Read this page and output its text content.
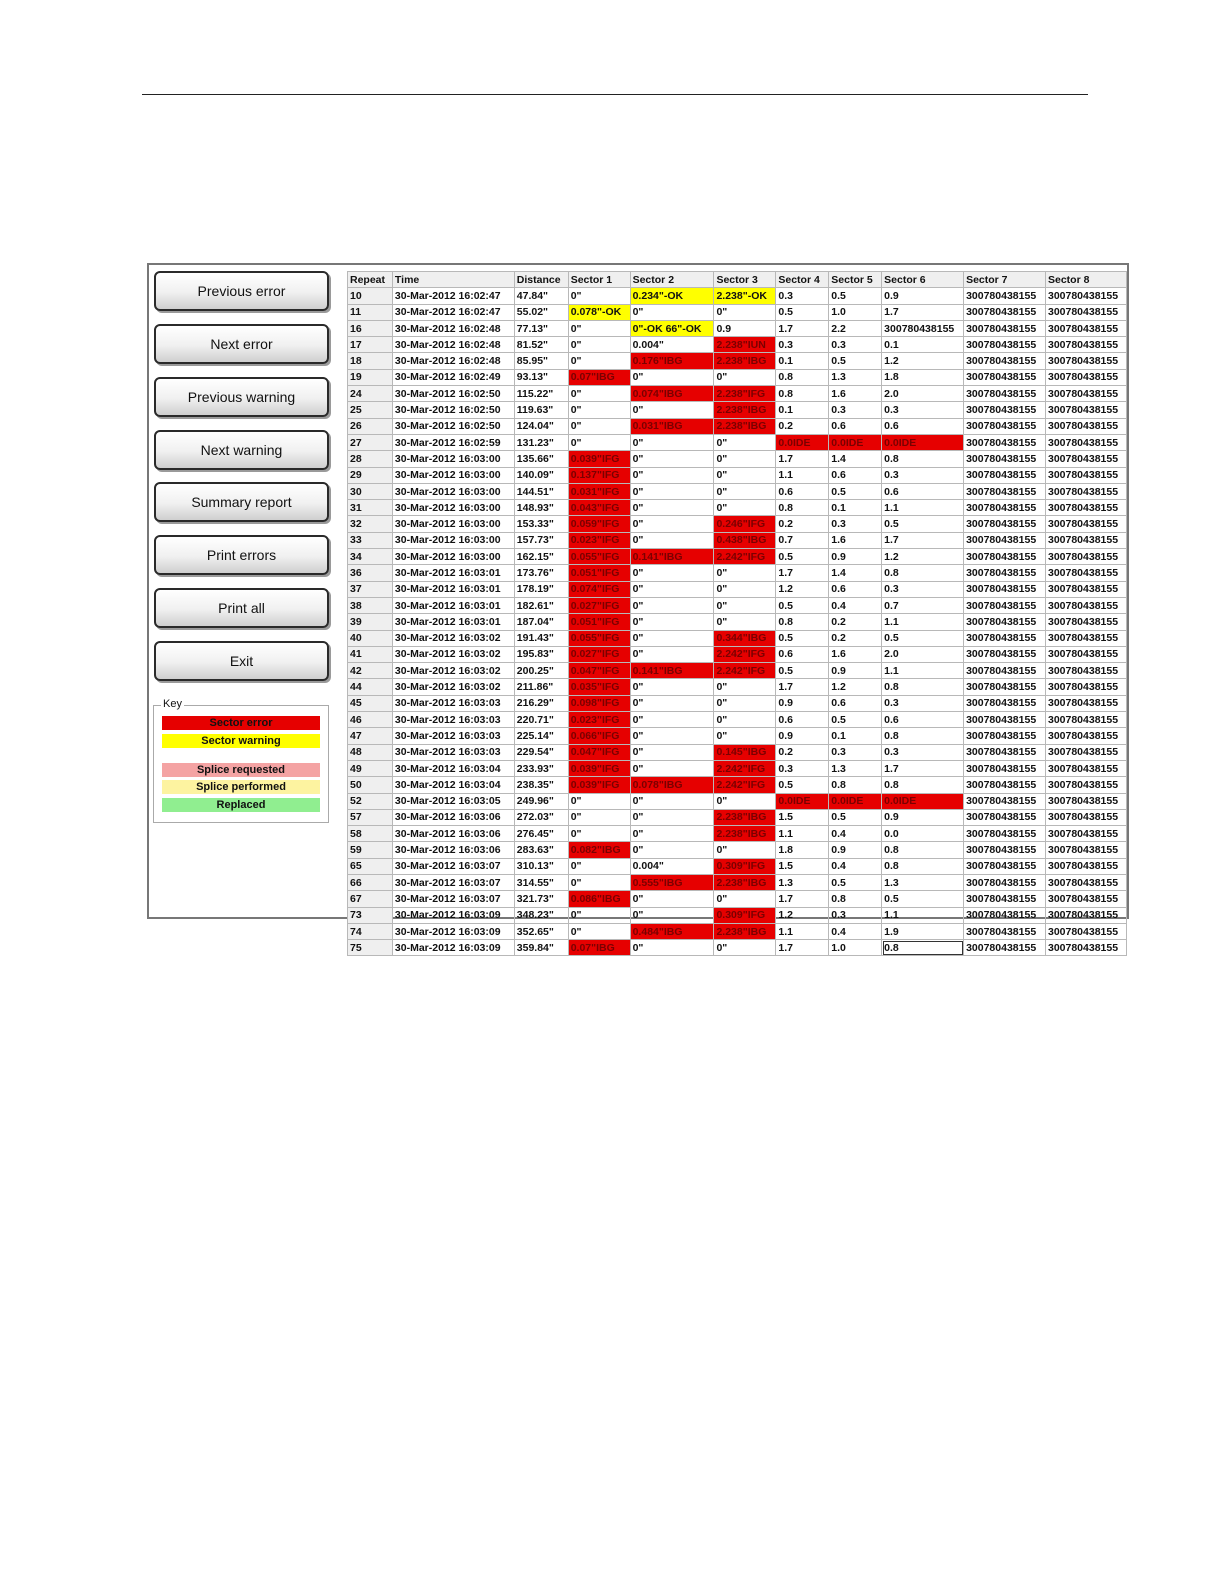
Previous error
Next error
Previous warning
Next warning
Summary report
Print errors
Print all
Exit
Key
Sector error
Sector warning
Splice requested
Splice performed
Replaced
Repeat	Time	Distance	Sector 1	Sector 2	Sector 3	Sector 4	Sector 5	Sector 6	Sector 7	Sector 8
10	30-Mar-2012 16:02:47	47.84"	0"	0.234"-OK	2.238"-OK	0.3	0.5	0.9	300780438155	300780438155
11	30-Mar-2012 16:02:47	55.02"	0.078"-OK	0"	0"	0.5	1.0	1.7	300780438155	300780438155
16	30-Mar-2012 16:02:48	77.13"	0"	0"-OK 66"-OK	0.9	1.7	2.2	300780438155	300780438155	300780438155
17	30-Mar-2012 16:02:48	81.52"	0"	0.004"	2.238"IUN	0.3	0.3	0.1	300780438155	300780438155
18	30-Mar-2012 16:02:48	85.95"	0"	0.176"IBG	2.238"IBG	0.1	0.5	1.2	300780438155	300780438155
19	30-Mar-2012 16:02:49	93.13"	0.07"IBG	0"	0"	0.8	1.3	1.8	300780438155	300780438155
24	30-Mar-2012 16:02:50	115.22"	0"	0.074"IBG	2.238"IFG	0.8	1.6	2.0	300780438155	300780438155
25	30-Mar-2012 16:02:50	119.63"	0"	0"	2.238"IBG	0.1	0.3	0.3	300780438155	300780438155
26	30-Mar-2012 16:02:50	124.04"	0"	0.031"IBG	2.238"IBG	0.2	0.6	0.6	300780438155	300780438155
27	30-Mar-2012 16:02:59	131.23"	0"	0"	0"	0.0IDE	0.0IDE	0.0IDE	300780438155	300780438155
28	30-Mar-2012 16:03:00	135.66"	0.039"IFG	0"	0"	1.7	1.4	0.8	300780438155	300780438155
29	30-Mar-2012 16:03:00	140.09"	0.137"IFG	0"	0"	1.1	0.6	0.3	300780438155	300780438155
30	30-Mar-2012 16:03:00	144.51"	0.031"IFG	0"	0"	0.6	0.5	0.6	300780438155	300780438155
31	30-Mar-2012 16:03:00	148.93"	0.043"IFG	0"	0"	0.8	0.1	1.1	300780438155	300780438155
32	30-Mar-2012 16:03:00	153.33"	0.059"IFG	0"	0.246"IFG	0.2	0.3	0.5	300780438155	300780438155
33	30-Mar-2012 16:03:00	157.73"	0.023"IFG	0"	0.438"IBG	0.7	1.6	1.7	300780438155	300780438155
34	30-Mar-2012 16:03:00	162.15"	0.055"IFG	0.141"IBG	2.242"IFG	0.5	0.9	1.2	300780438155	300780438155
36	30-Mar-2012 16:03:01	173.76"	0.051"IFG	0"	0"	1.7	1.4	0.8	300780438155	300780438155
37	30-Mar-2012 16:03:01	178.19"	0.074"IFG	0"	0"	1.2	0.6	0.3	300780438155	300780438155
38	30-Mar-2012 16:03:01	182.61"	0.027"IFG	0"	0"	0.5	0.4	0.7	300780438155	300780438155
39	30-Mar-2012 16:03:01	187.04"	0.051"IFG	0"	0"	0.8	0.2	1.1	300780438155	300780438155
40	30-Mar-2012 16:03:02	191.43"	0.055"IFG	0"	0.344"IBG	0.5	0.2	0.5	300780438155	300780438155
41	30-Mar-2012 16:03:02	195.83"	0.027"IFG	0"	2.242"IFG	0.6	1.6	2.0	300780438155	300780438155
42	30-Mar-2012 16:03:02	200.25"	0.047"IFG	0.141"IBG	2.242"IFG	0.5	0.9	1.1	300780438155	300780438155
44	30-Mar-2012 16:03:02	211.86"	0.035"IFG	0"	0"	1.7	1.2	0.8	300780438155	300780438155
45	30-Mar-2012 16:03:03	216.29"	0.098"IFG	0"	0"	0.9	0.6	0.3	300780438155	300780438155
46	30-Mar-2012 16:03:03	220.71"	0.023"IFG	0"	0"	0.6	0.5	0.6	300780438155	300780438155
47	30-Mar-2012 16:03:03	225.14"	0.066"IFG	0"	0"	0.9	0.1	0.8	300780438155	300780438155
48	30-Mar-2012 16:03:03	229.54"	0.047"IFG	0"	0.145"IBG	0.2	0.3	0.3	300780438155	300780438155
49	30-Mar-2012 16:03:04	233.93"	0.039"IFG	0"	2.242"IFG	0.3	1.3	1.7	300780438155	300780438155
50	30-Mar-2012 16:03:04	238.35"	0.039"IFG	0.078"IBG	2.242"IFG	0.5	0.8	0.8	300780438155	300780438155
52	30-Mar-2012 16:03:05	249.96"	0"	0"	0"	0.0IDE	0.0IDE	0.0IDE	300780438155	300780438155
57	30-Mar-2012 16:03:06	272.03"	0"	0"	2.238"IBG	1.5	0.5	0.9	300780438155	300780438155
58	30-Mar-2012 16:03:06	276.45"	0"	0"	2.238"IBG	1.1	0.4	0.0	300780438155	300780438155
59	30-Mar-2012 16:03:06	283.63"	0.082"IBG	0"	0"	1.8	0.9	0.8	300780438155	300780438155
65	30-Mar-2012 16:03:07	310.13"	0"	0.004"	0.309"IFG	1.5	0.4	0.8	300780438155	300780438155
66	30-Mar-2012 16:03:07	314.55"	0"	0.555"IBG	2.238"IBG	1.3	0.5	1.3	300780438155	300780438155
67	30-Mar-2012 16:03:07	321.73"	0.086"IBG	0"	0"	1.7	0.8	0.5	300780438155	300780438155
73	30-Mar-2012 16:03:09	348.23"	0"	0"	0.309"IFG	1.2	0.3	1.1	300780438155	300780438155
74	30-Mar-2012 16:03:09	352.65"	0"	0.484"IBG	2.238"IBG	1.1	0.4	1.9	300780438155	300780438155
75	30-Mar-2012 16:03:09	359.84"	0.07"IBG	0"	0"	1.7	1.0	0.8	300780438155	300780438155
